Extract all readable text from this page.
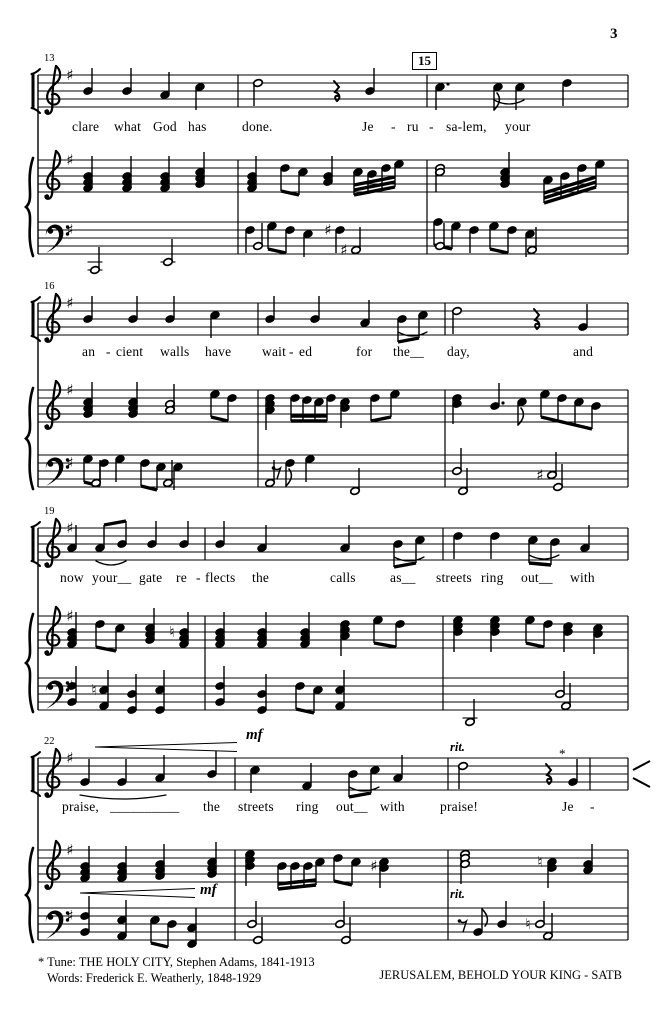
♯
♯
♯	♯
♯
♯
♯
♯
♯
♯
♯
♮
♮
♯
♯
♯	♮
♯	♮
3
15
13
16
19
22
clare what God has	done.	Je - ru - sa-lem, your
an - cient walls have wait - ed	for the__ day,	and
now your__ gate re - flects the	calls	as__ streets ring out__ with
praise, __________ the streets ring out__ with	praise!	Je -
mf
rit.	*
mf	rit.
* Tune: THE HOLY CITY, Stephen Adams, 1841-1913
Words: Frederick E. Weatherly, 1848-1929	JERUSALEM, BEHOLD YOUR KING - SATB
